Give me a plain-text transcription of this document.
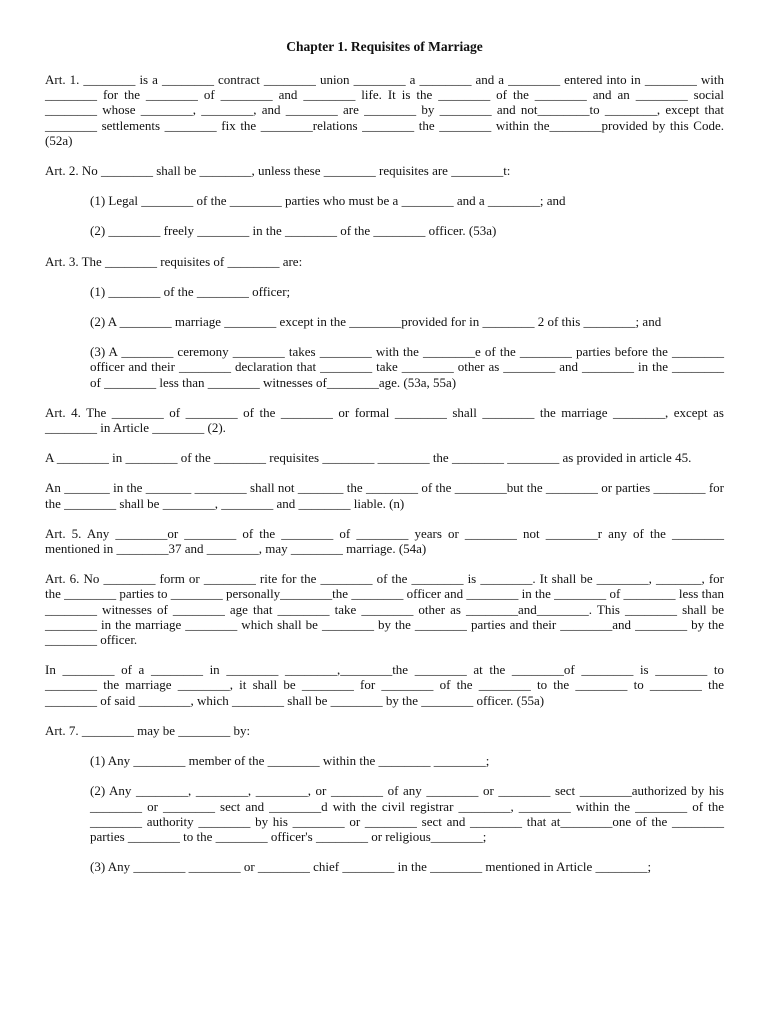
Chapter 1. Requisites of Marriage

Art. 1. ________ is a ________ contract ________ union ________ a ________ and a ________ entered into in ________ with ________ for the ________ of ________ and ________ life. It is the ________ of the ________ and an ________ social ________ whose ________, ________, and ________ are ________ by ________ and not________to ________, except that ________ settlements ________ fix the ________relations ________ the ________ within the________provided by this Code. (52a)

Art. 2. No ________ shall be ________, unless these ________ requisites are ________t:

(1) Legal ________ of the ________ parties who must be a ________ and a ________; and

(2) ________ freely ________ in the ________ of the ________ officer. (53a)

Art. 3. The ________ requisites of ________ are:

(1) ________ of the ________ officer;

(2) A ________ marriage ________ except in the ________provided for in ________ 2 of this ________; and

(3) A ________ ceremony ________ takes ________ with the ________e of the ________ parties before the ________ officer and their ________ declaration that ________ take ________ other as ________ and ________ in the ________ of ________ less than ________ witnesses of________age. (53a, 55a)

Art. 4. The ________ of ________ of the ________ or formal ________ shall ________ the marriage ________, except as ________ in Article ________ (2).

A ________ in ________ of the ________ requisites ________ ________ the ________ ________ as provided in article 45.

An _______ in the _______ ________ shall not _______ the ________ of the ________but the ________ or parties ________ for the ________ shall be ________, ________ and ________ liable. (n)

Art. 5. Any ________or ________ of the ________ of ________ years or ________ not ________r any of the ________ mentioned in ________37 and ________, may ________ marriage. (54a)

Art. 6. No ________ form or ________ rite for the ________ of the ________ is ________. It shall be ________, _______, for the ________ parties to ________ personally________the ________ officer and ________ in the ________ of ________ less than ________ witnesses of ________ age that ________ take ________ other as ________and________. This ________ shall be ________ in the marriage ________ which shall be ________ by the ________ parties and their ________and ________ by the ________ officer.

In ________ of a ________ in ________ ________,________the ________ at the ________of ________ is ________ to ________ the marriage ________, it shall be ________ for ________ of the ________ to the ________ to ________ the ________ of said ________, which ________ shall be ________ by the ________ officer. (55a)

Art. 7. ________ may be ________ by:

(1) Any ________ member of the ________ within the ________ ________;

(2) Any ________, ________, ________, or ________ of any ________ or ________ sect ________authorized by his ________ or ________ sect and ________d with the civil registrar ________, ________ within the ________ of the ________ authority ________ by his ________ or ________ sect and ________ that at________one of the ________ parties ________ to the ________ officer's ________ or religious________;

(3) Any ________ ________ or ________ chief ________ in the ________ mentioned in Article ________;
